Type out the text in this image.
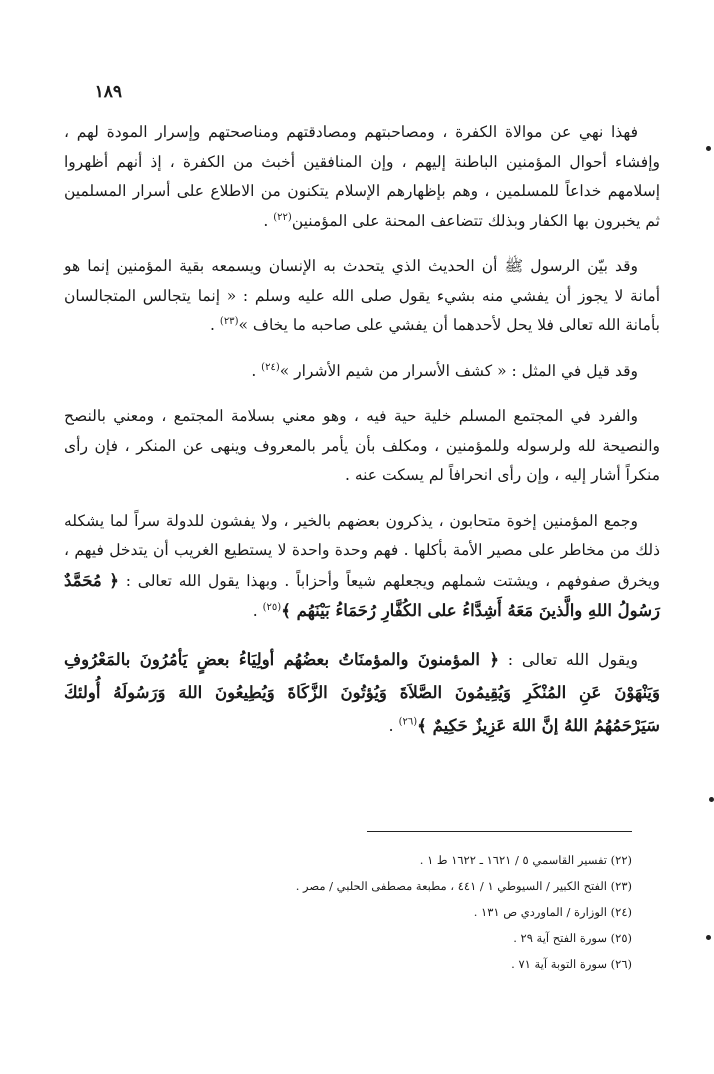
١٨٩

فهذا نهي عن موالاة الكفرة ، ومصاحبتهم ومصادقتهم ومناصحتهم وإسرار المودة لهم ، وإفشاء أحوال المؤمنين الباطنة إليهم ، وإن المنافقين أخبث من الكفرة ، إذ أنهم أظهروا إسلامهم خداعاً للمسلمين ، وهم بإظهارهم الإسلام يتكنون من الاطلاع على أسرار المسلمين ثم يخبرون بها الكفار وبذلك تتضاعف المحنة على المؤمنين$^{(٢٢)}$ .

وقد بيّن الرسول ﷺ أن الحديث الذي يتحدث به الإنسان ويسمعه بقية المؤمنين إنما هو أمانة لا يجوز أن يفشي منه بشيء يقول صلى الله عليه وسلم : « إنما يتجالس المتجالسان بأمانة الله تعالى فلا يحل لأحدهما أن يفشي على صاحبه ما يخاف »$^{(٢٣)}$ .

وقد قيل في المثل : « كشف الأسرار من شيم الأشرار »$^{(٢٤)}$ .

والفرد في المجتمع المسلم خلية حية فيه ، وهو معني بسلامة المجتمع ، ومعني بالنصح والنصيحة لله ولرسوله وللمؤمنين ، ومكلف بأن يأمر بالمعروف وينهى عن المنكر ، فإن رأى منكراً أشار إليه ، وإن رأى انحرافاً لم يسكت عنه .

وجمع المؤمنين إخوة متحابون ، يذكرون بعضهم بالخير ، ولا يفشون للدولة سراً لما يشكله ذلك من مخاطر على مصير الأمة بأكلها . فهم وحدة واحدة لا يستطيع الغريب أن يتدخل فيهم ، ويخرق صفوفهم ، ويشتت شملهم ويجعلهم شيعاً وأحزاباً . وبهذا يقول الله تعالى : ﴿ مُحَمَّدٌ رَسُولُ اللهِ والَّذينَ مَعَهُ أَشِدَّاءُ على الكُفَّارِ رُحَمَاءُ بَيْنَهُم ﴾$^{(٢٥)}$ .

ويقول الله تعالى : ﴿ المؤمنونَ والمؤمنَاتُ بعضُهُم أولِيَاءُ بعضٍ يَأمُرُونَ بالمَعْرُوفِ وَيَنْهَوْنَ عَنِ المُنْكَرِ وَيُقِيمُونَ الصَّلاَةَ وَيُؤتُونَ الزَّكَاةَ وَيُطِيعُونَ اللهَ وَرَسُولَهُ أُولئكَ سَيَرْحَمُهُمُ اللهُ إنَّ اللهَ عَزِيزٌ حَكِيمٌ ﴾$^{(٢٦)}$ .

(٢٢) تفسير القاسمي ٥ / ١٦٢١ ـ ١٦٢٢ ط ١ .

(٢٣) الفتح الكبير / السيوطي ١ / ٤٤١ ، مطبعة مصطفى الحلبي / مصر .

(٢٤) الوزارة / الماوردي ص ١٣١ .

(٢٥) سورة الفتح آية ٢٩ .

(٢٦) سورة التوبة آية ٧١ .
